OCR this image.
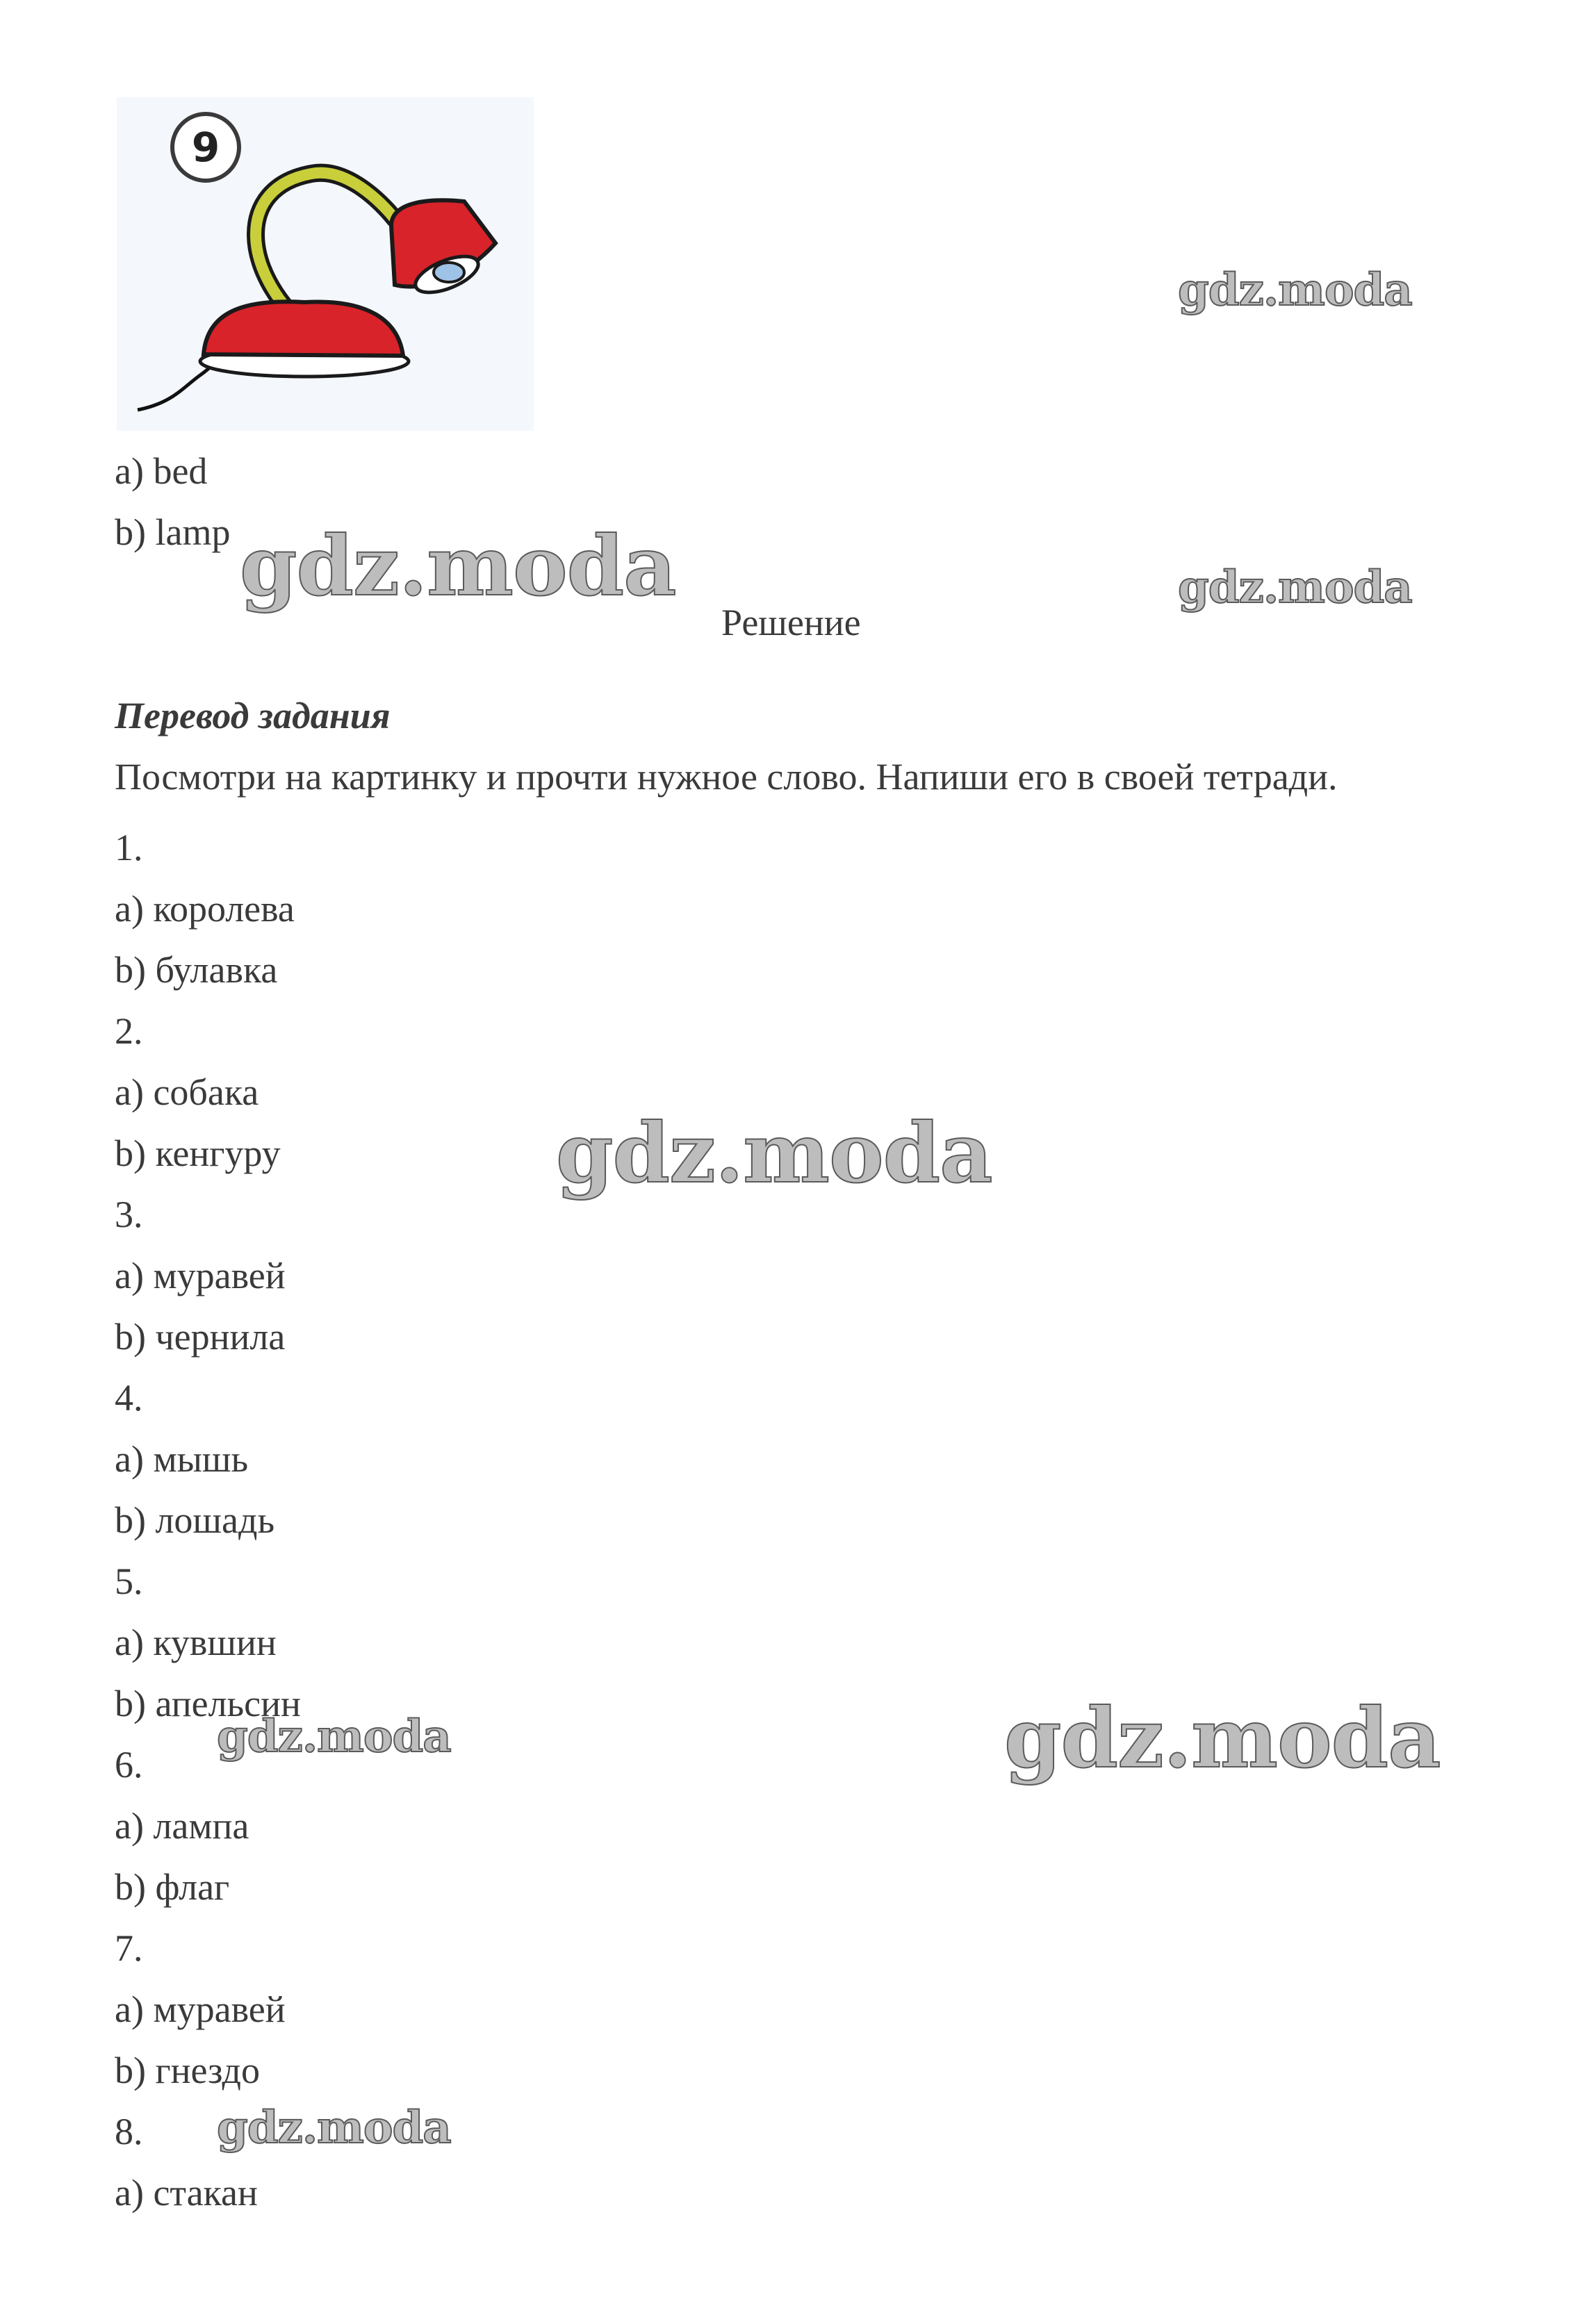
9
a) bed
b) lamp
Решение
Перевод задания
Посмотри на картинку и прочти нужное слово. Напиши его в своей тетради.
1.
a) королева
b) булавка
2.
a) собака
b) кенгуру
3.
a) муравей
b) чернила
4.
a) мышь
b) лошадь
5.
a) кувшин
b) апельсин
6.
a) лампа
b) флаг
7.
a) муравей
b) гнездо
8.
a) стакан
gdz.moda
gdz.moda	gdz.moda
gdz.moda
gdz.moda	gdz.moda
gdz.moda
